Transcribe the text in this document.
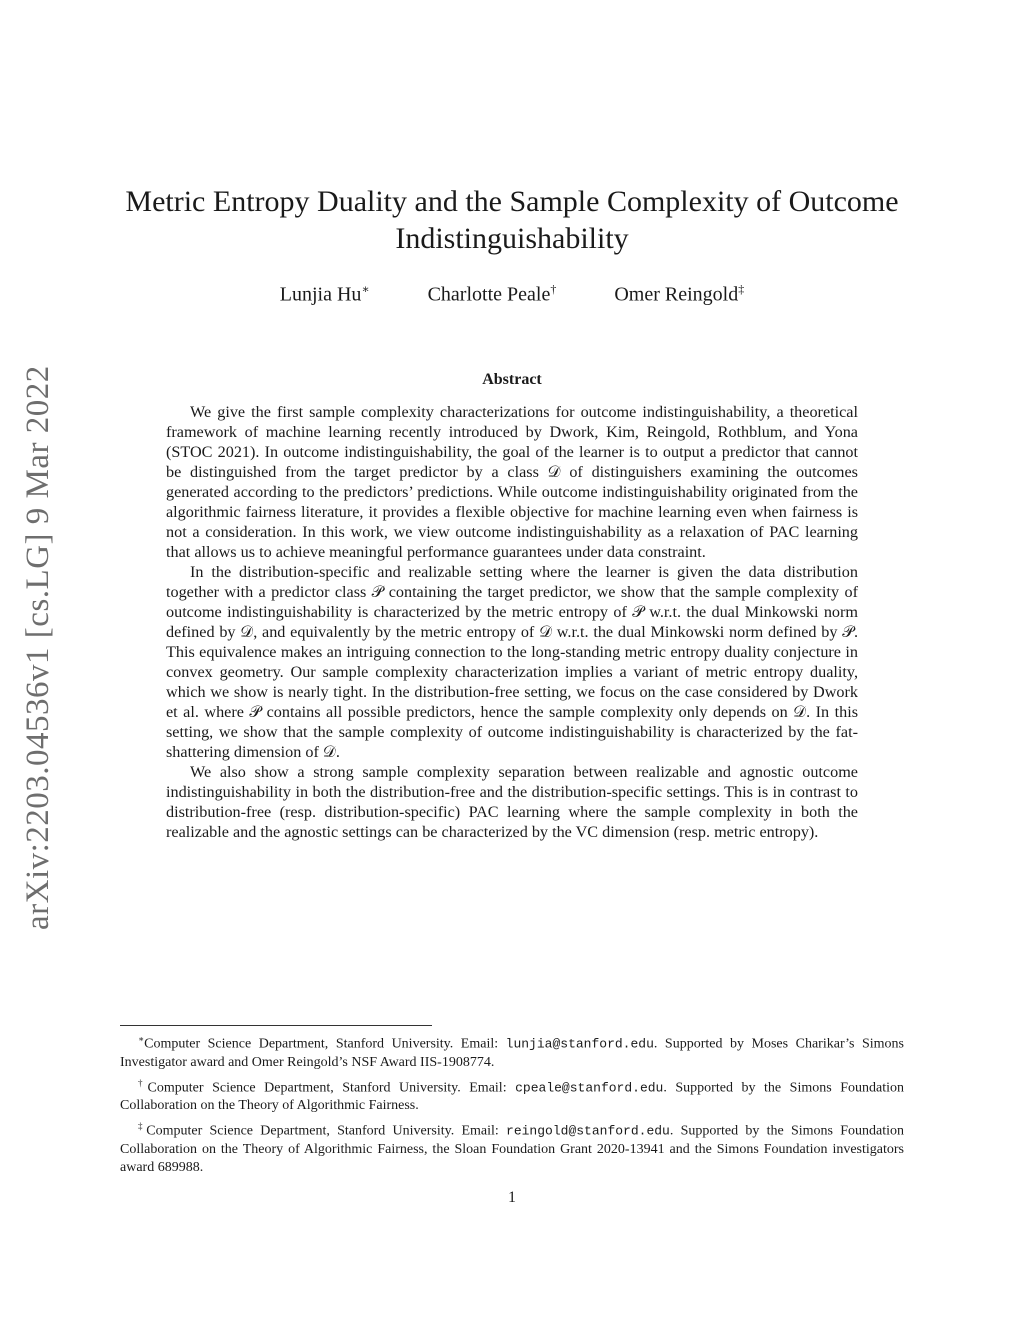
arXiv:2203.04536v1 [cs.LG] 9 Mar 2022
Metric Entropy Duality and the Sample Complexity of Outcome
Indistinguishability
Lunjia Hu∗	Charlotte Peale†	Omer Reingold‡
Abstract

We give the first sample complexity characterizations for outcome indistinguishability, a theoretical framework of machine learning recently introduced by Dwork, Kim, Reingold, Rothblum, and Yona (STOC 2021). In outcome indistinguishability, the goal of the learner is to output a predictor that cannot be distinguished from the target predictor by a class 𝒟 of distinguishers examining the outcomes generated according to the predictors’ predictions. While outcome indistinguishability originated from the algorithmic fairness literature, it provides a flexible objective for machine learning even when fairness is not a consideration. In this work, we view outcome indistinguishability as a relaxation of PAC learning that allows us to achieve meaningful performance guarantees under data constraint.

In the distribution-specific and realizable setting where the learner is given the data distribution together with a predictor class 𝒫 containing the target predictor, we show that the sample complexity of outcome indistinguishability is characterized by the metric entropy of 𝒫 w.r.t. the dual Minkowski norm defined by 𝒟, and equivalently by the metric entropy of 𝒟 w.r.t. the dual Minkowski norm defined by 𝒫. This equivalence makes an intriguing connection to the long-standing metric entropy duality conjecture in convex geometry. Our sample complexity characterization implies a variant of metric entropy duality, which we show is nearly tight. In the distribution-free setting, we focus on the case considered by Dwork et al. where 𝒫 contains all possible predictors, hence the sample complexity only depends on 𝒟. In this setting, we show that the sample complexity of outcome indistinguishability is characterized by the fat-shattering dimension of 𝒟.

We also show a strong sample complexity separation between realizable and agnostic outcome indistinguishability in both the distribution-free and the distribution-specific settings. This is in contrast to distribution-free (resp. distribution-specific) PAC learning where the sample complexity in both the realizable and the agnostic settings can be characterized by the VC dimension (resp. metric entropy).

∗Computer Science Department, Stanford University. Email: lunjia@stanford.edu. Supported by Moses Charikar’s Simons Investigator award and Omer Reingold’s NSF Award IIS-1908774.

†Computer Science Department, Stanford University. Email: cpeale@stanford.edu. Supported by the Simons Foundation Collaboration on the Theory of Algorithmic Fairness.

‡Computer Science Department, Stanford University. Email: reingold@stanford.edu. Supported by the Simons Foundation Collaboration on the Theory of Algorithmic Fairness, the Sloan Foundation Grant 2020-13941 and the Simons Foundation investigators award 689988.

1
